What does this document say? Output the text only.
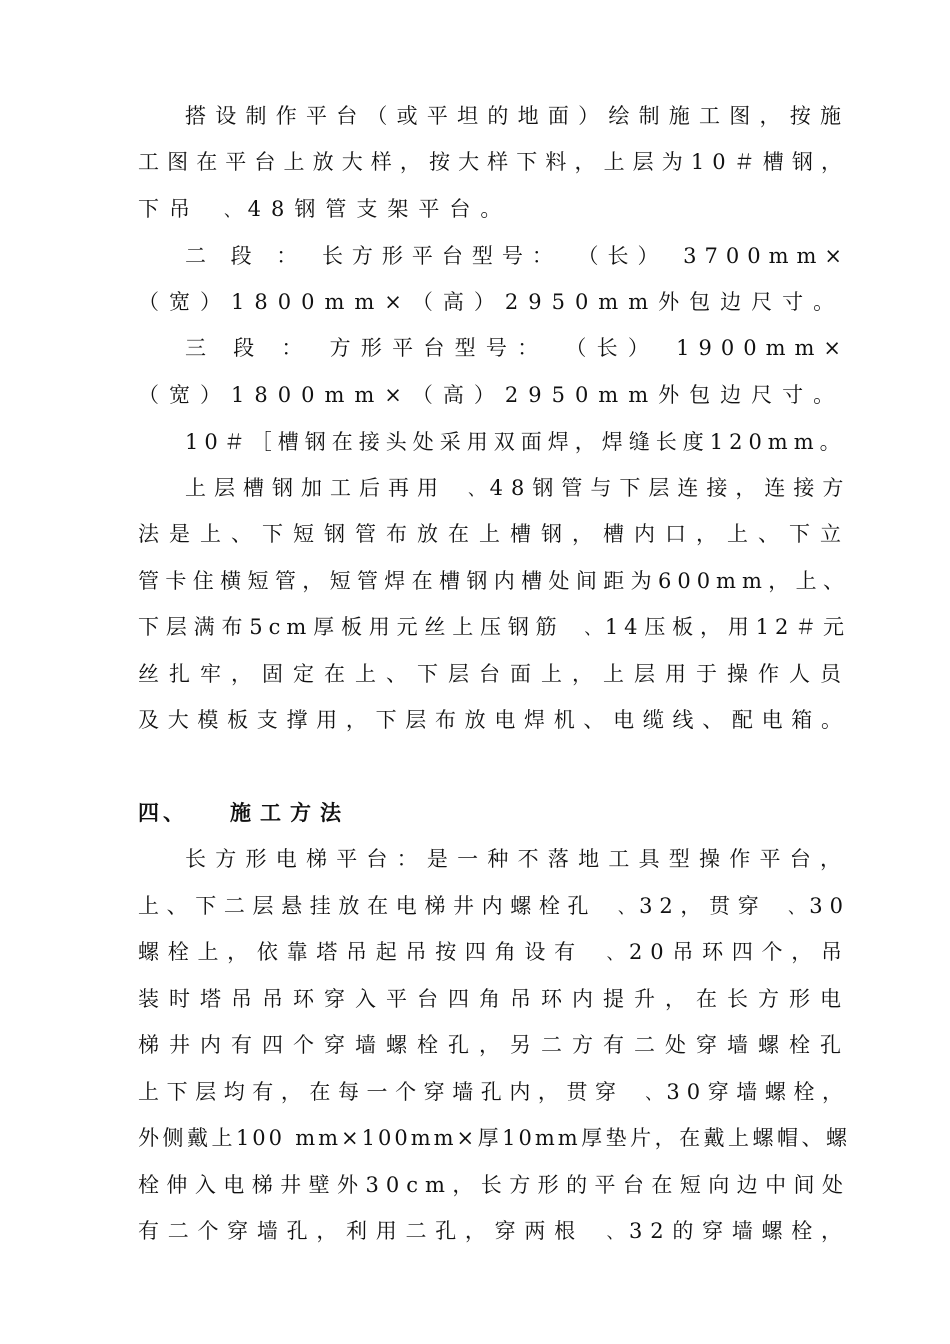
搭设制作平台（或平坦的地面）绘制施工图，按施
工图在平台上放大样，按大样下料，上层为10＃槽钢，
下吊 ﹑48钢管支架平台。
二 段 ： 长方形平台型号： （长） 3700mm×
（宽）1800mm×（高）2950mm外包边尺寸。
三 段 ： 方形平台型号： （长） 1900mm×
（宽）1800mm×（高）2950mm外包边尺寸。
10＃［槽钢在接头处采用双面焊，焊缝长度120mm。
上层槽钢加工后再用 ﹑48钢管与下层连接，连接方
法是上、下短钢管布放在上槽钢，槽内口，上、下立
管卡住横短管，短管焊在槽钢内槽处间距为600mm，上、
下层满布5cm厚板用元丝上压钢筋 ﹑14压板，用12＃元
丝扎牢，固定在上、下层台面上，上层用于操作人员
及大模板支撑用，下层布放电焊机、电缆线、配电箱。
四、 施工方法
长方形电梯平台：是一种不落地工具型操作平台，
上、下二层悬挂放在电梯井内螺栓孔 ﹑32，贯穿 ﹑30
螺栓上，依靠塔吊起吊按四角设有 ﹑20吊环四个，吊
装时塔吊吊环穿入平台四角吊环内提升，在长方形电
梯井内有四个穿墙螺栓孔，另二方有二处穿墙螺栓孔
上下层均有，在每一个穿墙孔内，贯穿 ﹑30穿墙螺栓，
外侧戴上100 mm×100mm×厚10mm厚垫片，在戴上螺帽、螺
栓伸入电梯井壁外30cm，长方形的平台在短向边中间处
有二个穿墙孔，利用二孔，穿两根 ﹑32的穿墙螺栓，
